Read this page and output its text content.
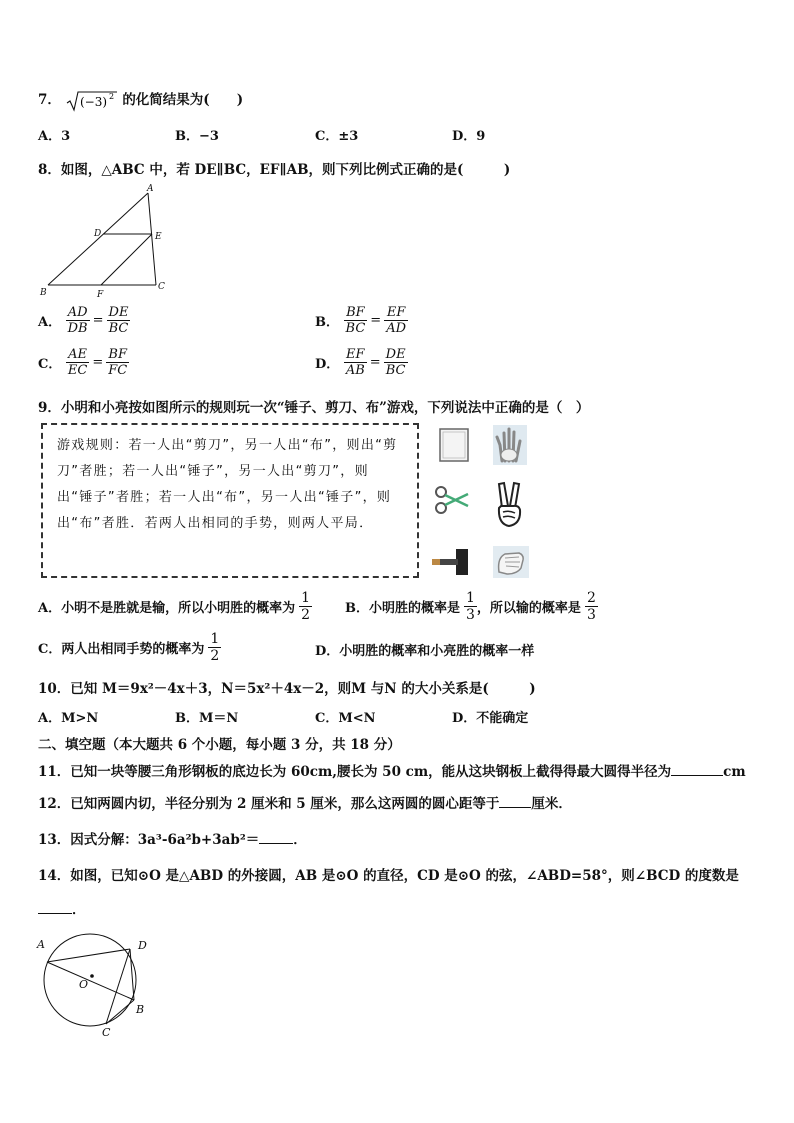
7． (−3) 2 的化简结果为(　　)
A．3	B．−3	C．±3	D．9
8．如图，△ABC 中，若 DE∥BC，EF∥AB，则下列比例式正确的是(　　　)
A
D	E
B	F
C
A． $\frac{AD}{DB} = \frac{DE}{BC}$	B． $\frac{BF}{BC} = \frac{EF}{AD}$
C． $\frac{AE}{EC} = \frac{BF}{FC}$	D． $\frac{EF}{AB} = \frac{DE}{BC}$
9．小明和小亮按如图所示的规则玩一次“锤子、剪刀、布”游戏，下列说法中正确的是（　）
游戏规则：若一人出“剪刀”，另一人出“布”，则出“剪刀”者胜；若一人出“锤子”，另一人出“剪刀”，则出“锤子”者胜；若一人出“布”，另一人出“锤子”，则出“布”者胜．若两人出相同的手势，则两人平局．
A．小明不是胜就是输，所以小明胜的概率为 $\frac{1}{2}$	B．小明胜的概率是 $\frac{1}{3}$ ，所以输的概率是 $\frac{2}{3}$
C．两人出相同手势的概率为 $\frac{1}{2}$	D．小明胜的概率和小亮胜的概率一样
10．已知 M＝9x²－4x＋3，N＝5x²＋4x－2，则M 与N 的大小关系是(　　　)
A．M>N	B．M＝N	C．M<N	D．不能确定
二、填空题（本大题共 6 个小题，每小题 3 分，共 18 分）
11．已知一块等腰三角形钢板的底边长为 60cm,腰长为 50 cm，能从这块钢板上截得得最大圆得半径为	cm
12．已知两圆内切，半径分别为 2 厘米和 5 厘米，那么这两圆的圆心距等于 厘米．
13．因式分解：3a³-6a²b+3ab²＝	．
14．如图，已知⊙O 是△ABD 的外接圆，AB 是⊙O 的直径，CD 是⊙O 的弦，∠ABD=58°，则∠BCD 的度数是
．
A	D
O
B
C
